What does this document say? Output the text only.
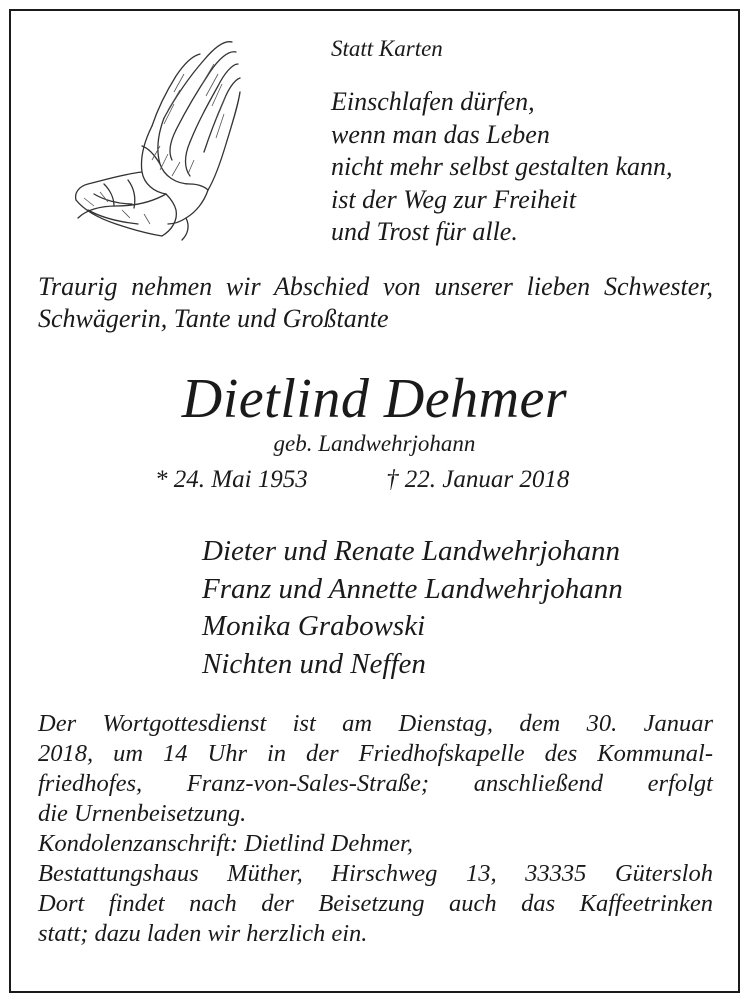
Statt Karten
Einschlafen dürfen,
wenn man das Leben
nicht mehr selbst gestalten kann,
ist der Weg zur Freiheit
und Trost für alle.
Traurig nehmen wir Abschied von unserer lieben Schwester, Schwägerin, Tante und Großtante
Dietlind Dehmer
geb. Landwehrjohann
* 24. Mai 1953	† 22. Januar 2018
Dieter und Renate Landwehrjohann
Franz und Annette Landwehrjohann
Monika Grabowski
Nichten und Neffen
Der Wortgottesdienst ist am Dienstag, dem 30. Januar
2018, um 14 Uhr in der Friedhofskapelle des Kommunal-
friedhofes, Franz-von-Sales-Straße; anschließend erfolgt
die Urnenbeisetzung.
Kondolenzanschrift: Dietlind Dehmer,
Bestattungshaus Müther, Hirschweg 13, 33335 Gütersloh
Dort findet nach der Beisetzung auch das Kaffeetrinken
statt; dazu laden wir herzlich ein.
